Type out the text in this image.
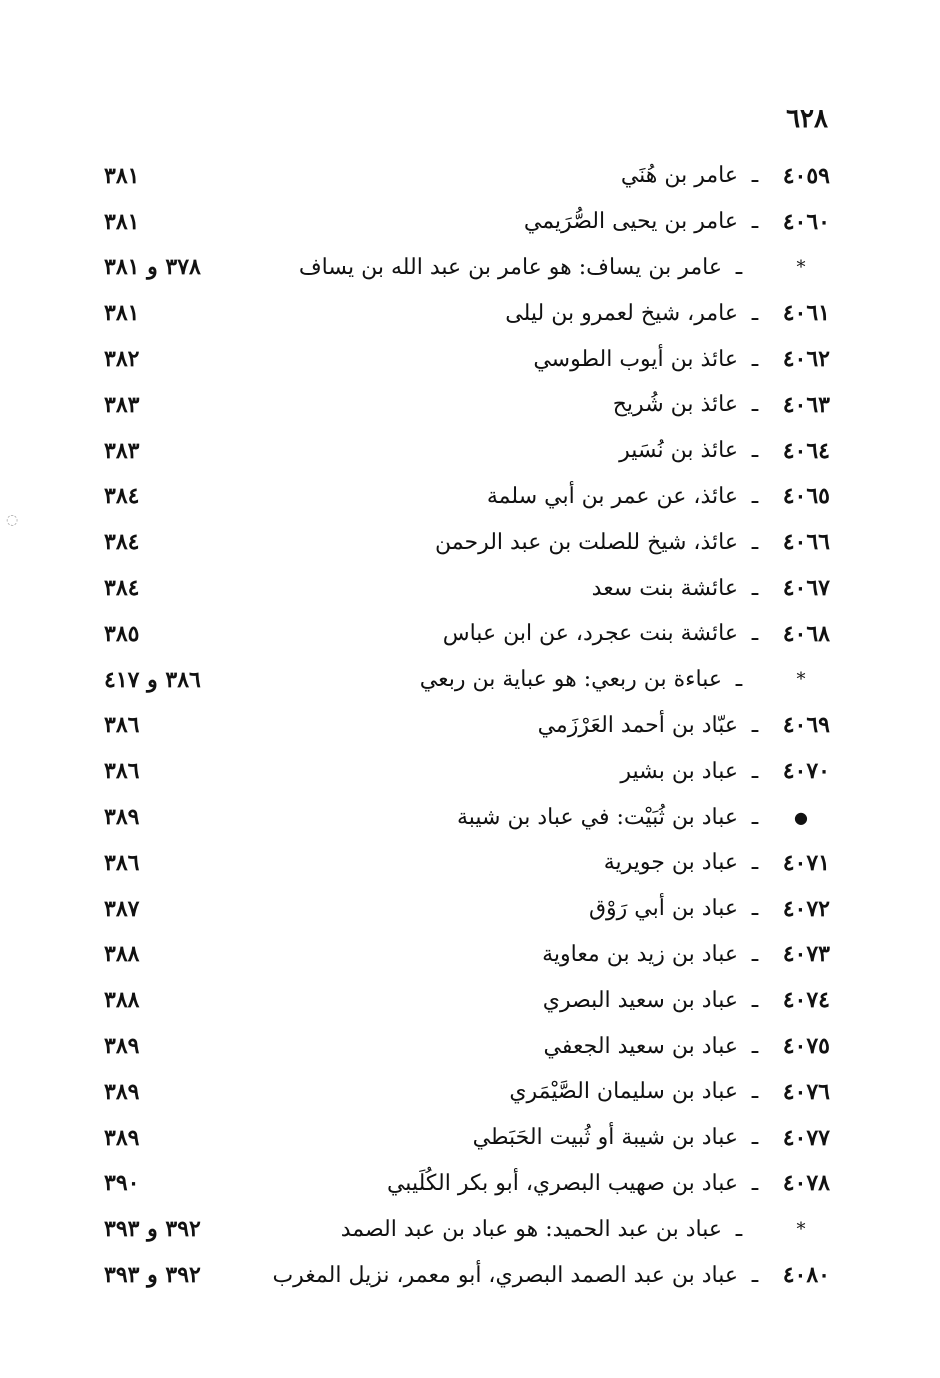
٦٢٨
٤٠٥٩
ـ
عامر بن هُنَي
٣٨١
٤٠٦٠
ـ
عامر بن يحيى الصُّرَيمي
٣٨١
*
ـ
عامر بن يساف: هو عامر بن عبد الله بن يساف
٣٧٨ و ٣٨١
٤٠٦١
ـ
عامر، شيخ لعمرو بن ليلى
٣٨١
٤٠٦٢
ـ
عائذ بن أيوب الطوسي
٣٨٢
٤٠٦٣
ـ
عائذ بن شُريح
٣٨٣
٤٠٦٤
ـ
عائذ بن نُسَير
٣٨٣
٤٠٦٥
ـ
عائذ، عن عمر بن أبي سلمة
٣٨٤
٤٠٦٦
ـ
عائذ، شيخ للصلت بن عبد الرحمن
٣٨٤
٤٠٦٧
ـ
عائشة بنت سعد
٣٨٤
٤٠٦٨
ـ
عائشة بنت عجرد، عن ابن عباس
٣٨٥
*
ـ
عباءة بن ربعي: هو عباية بن ربعي
٣٨٦ و ٤١٧
٤٠٦٩
ـ
عبّاد بن أحمد العَرْزَمي
٣٨٦
٤٠٧٠
ـ
عباد بن بشير
٣٨٦
●
ـ
عباد بن ثُبَيْت: في عباد بن شيبة
٣٨٩
٤٠٧١
ـ
عباد بن جويرية
٣٨٦
٤٠٧٢
ـ
عباد بن أبي رَوْق
٣٨٧
٤٠٧٣
ـ
عباد بن زيد بن معاوية
٣٨٨
٤٠٧٤
ـ
عباد بن سعيد البصري
٣٨٨
٤٠٧٥
ـ
عباد بن سعيد الجعفي
٣٨٩
٤٠٧٦
ـ
عباد بن سليمان الصَّيْمَري
٣٨٩
٤٠٧٧
ـ
عباد بن شيبة أو ثُبيت الحَبَطي
٣٨٩
٤٠٧٨
ـ
عباد بن صهيب البصري، أبو بكر الكُلَيبي
٣٩٠
*
ـ
عباد بن عبد الحميد: هو عباد بن عبد الصمد
٣٩٢ و ٣٩٣
٤٠٨٠
ـ
عباد بن عبد الصمد البصري، أبو معمر، نزيل المغرب
٣٩٢ و ٣٩٣
◌
